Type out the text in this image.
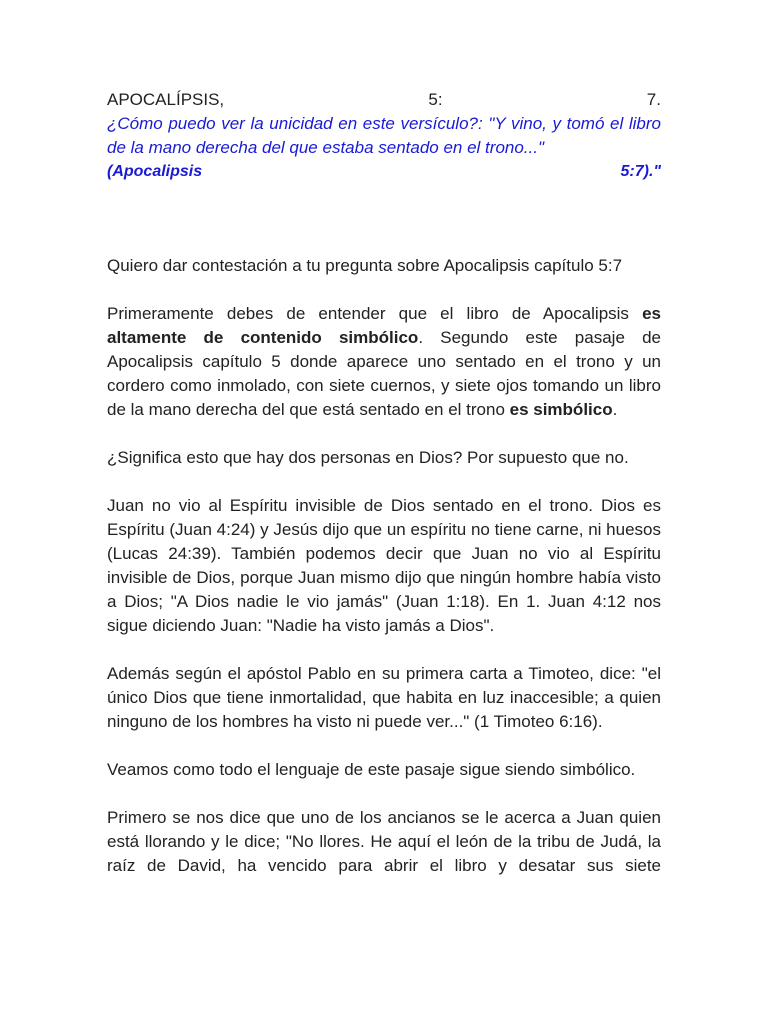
APOCALÍPSIS,	5:	7.

¿Cómo puedo ver la unicidad en este versículo?: "Y vino, y tomó el libro de la mano derecha del que estaba sentado en el trono..."

(Apocalipsis	5:7)."

Quiero dar contestación a tu pregunta sobre Apocalipsis capítulo 5:7

Primeramente debes de entender que el libro de Apocalipsis es altamente de contenido simbólico. Segundo este pasaje de Apocalipsis capítulo 5 donde aparece uno sentado en el trono y un cordero como inmolado, con siete cuernos, y siete ojos tomando un libro de la mano derecha del que está sentado en el trono es simbólico.

¿Significa esto que hay dos personas en Dios? Por supuesto que no.

Juan no vio al Espíritu invisible de Dios sentado en el trono. Dios es Espíritu (Juan 4:24) y Jesús dijo que un espíritu no tiene carne, ni huesos (Lucas 24:39). También podemos decir que Juan no vio al Espíritu invisible de Dios, porque Juan mismo dijo que ningún hombre había visto a Dios; "A Dios nadie le vio jamás" (Juan 1:18). En 1. Juan 4:12 nos sigue diciendo Juan: "Nadie ha visto jamás a Dios".

Además según el apóstol Pablo en su primera carta a Timoteo, dice: "el único Dios que tiene inmortalidad, que habita en luz inaccesible; a quien ninguno de los hombres ha visto ni puede ver..." (1 Timoteo 6:16).

Veamos como todo el lenguaje de este pasaje sigue siendo simbólico.

Primero se nos dice que uno de los ancianos se le acerca a Juan quien está llorando y le dice; "No llores. He aquí el león de la tribu de Judá, la raíz de David, ha vencido para abrir el libro y desatar sus siete
